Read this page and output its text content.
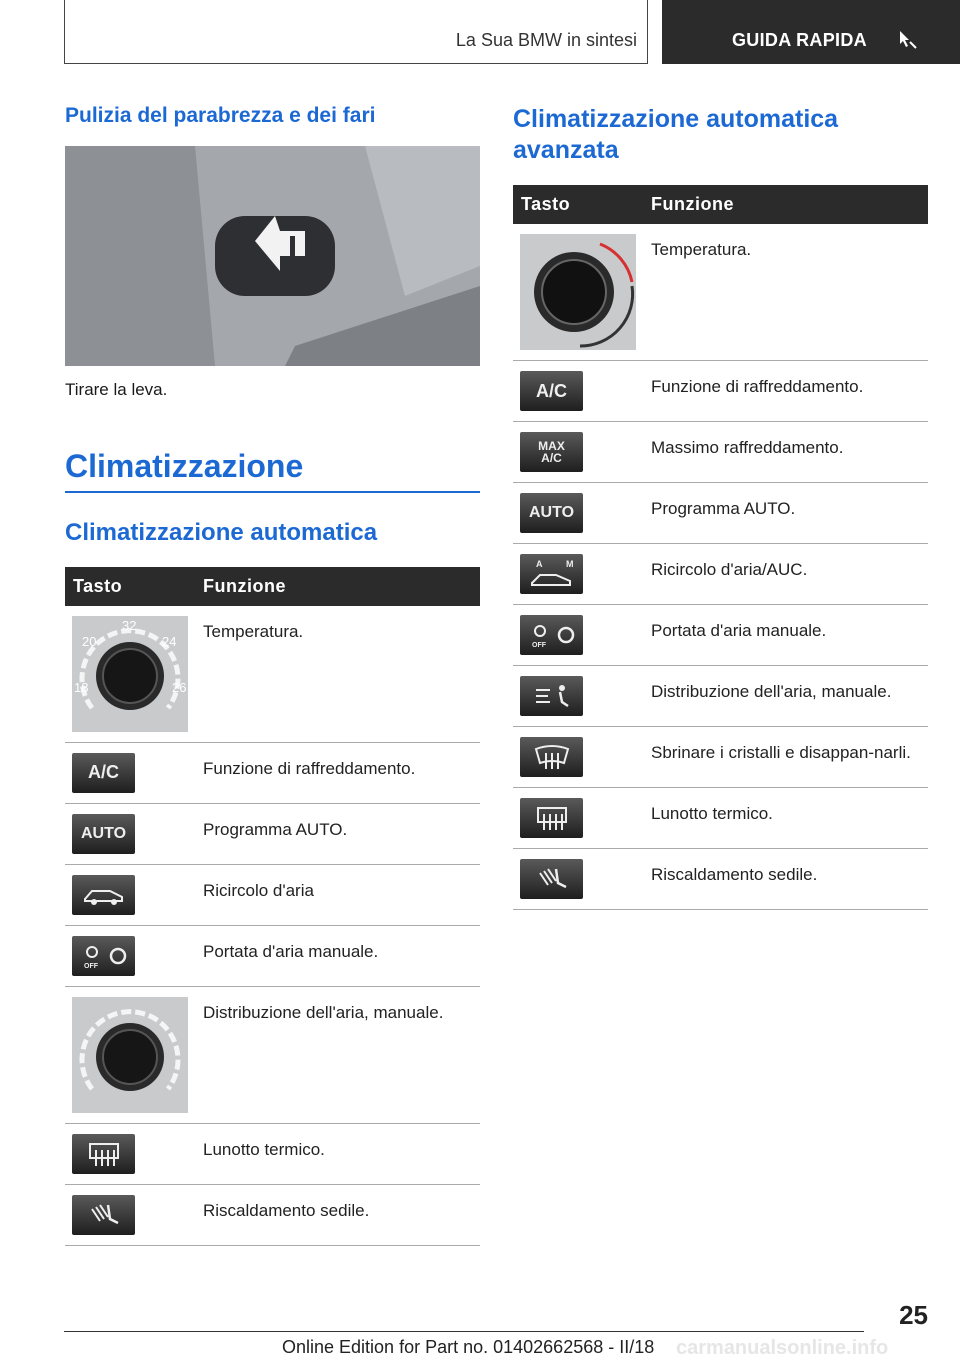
La Sua BMW in sintesi	GUIDA RAPIDA
Pulizia del parabrezza e dei fari
Tirare la leva.
Climatizzazione
Climatizzazione automatica
Tasto	Funzione

20
32
24
18 26	Temperatura.

A/C	Funzione di raffreddamento.

AUTO	Programma AUTO.

	Ricircolo d'aria

OFF	Portata d'aria manuale.

	Distribuzione dell'aria, manuale.

	Lunotto termico.

	Riscaldamento sedile.
Climatizzazione automatica avanzata
Tasto	Funzione

	Temperatura.

A/C	Funzione di raffreddamento.

MAX
A/C	Massimo raffreddamento.

AUTO	Programma AUTO.

A M	Ricircolo d'aria/AUC.

OFF	Portata d'aria manuale.

	Distribuzione dell'aria, manuale.

	Sbrinare i cristalli e disappan-narli.

	Lunotto termico.

	Riscaldamento sedile.
25
Online Edition for Part no. 01402662568 - II/18 carmanualsonline.info
